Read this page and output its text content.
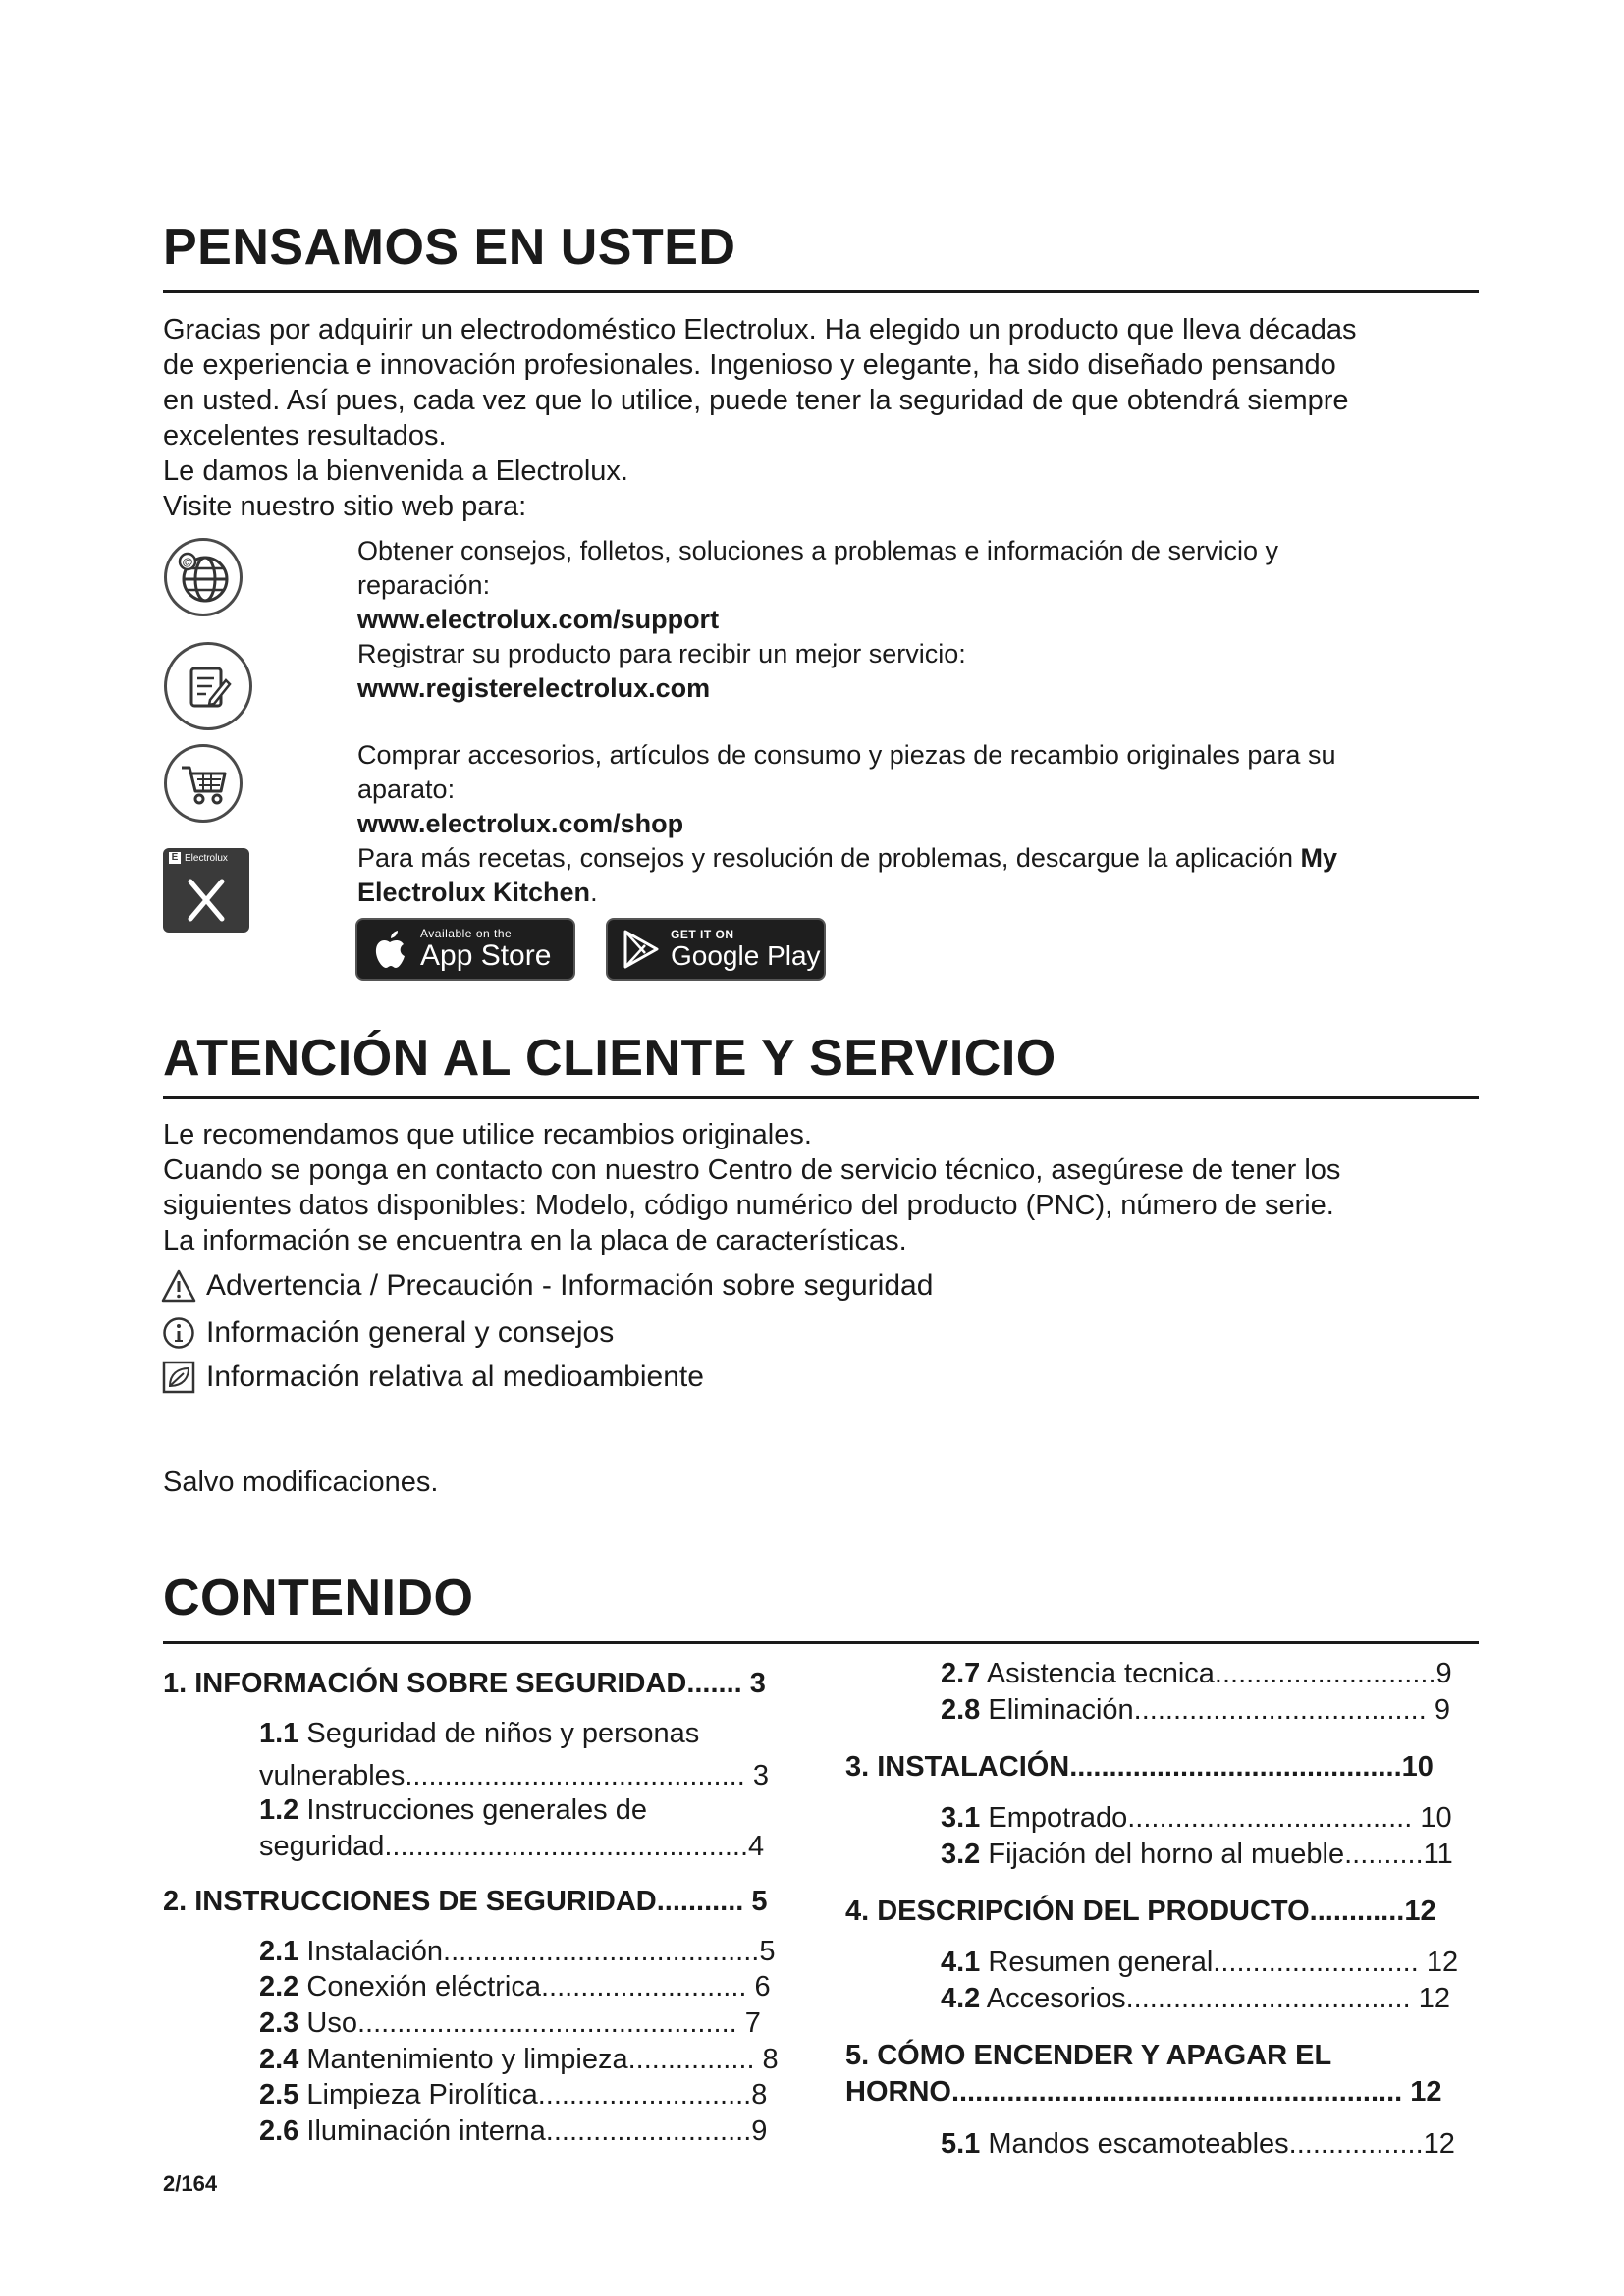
PENSAMOS EN USTED

Gracias por adquirir un electrodoméstico Electrolux. Ha elegido un producto que lleva décadas

de experiencia e innovación profesionales. Ingenioso y elegante, ha sido diseñado pensando

en usted. Así pues, cada vez que lo utilice, puede tener la seguridad de que obtendrá siempre

excelentes resultados.

Le damos la bienvenida a Electrolux.

Visite nuestro sitio web para:

@
E Electrolux

Obtener consejos, folletos, soluciones a problemas e información de servicio y

reparación:

www.electrolux.com/support

Registrar su producto para recibir un mejor servicio:

www.registerelectrolux.com

Comprar accesorios, artículos de consumo y piezas de recambio originales para su

aparato:

www.electrolux.com/shop

Para más recetas, consejos y resolución de problemas, descargue la aplicación My

Electrolux Kitchen.

Available on the
App Store
GET IT ON
Google Play
ATENCIÓN AL CLIENTE Y SERVICIO

Le recomendamos que utilice recambios originales.

Cuando se ponga en contacto con nuestro Centro de servicio técnico, asegúrese de tener los

siguientes datos disponibles: Modelo, código numérico del producto (PNC), número de serie.

La información se encuentra en la placa de características.

Advertencia / Precaución - Información sobre seguridad
Información general y consejos
Información relativa al medioambiente
Salvo modificaciones.
CONTENIDO
1. INFORMACIÓN SOBRE SEGURIDAD....... 3
1.1 Seguridad de niños y personas
vulnerables........................................... 3
1.2 Instrucciones generales de
seguridad..............................................4
2. INSTRUCCIONES DE SEGURIDAD........... 5
2.1 Instalación........................................5
2.2 Conexión eléctrica.......................... 6
2.3 Uso................................................ 7
2.4 Mantenimiento y limpieza................ 8
2.5 Limpieza Pirolítica...........................8
2.6 Iluminación interna..........................9
2.7 Asistencia tecnica............................9
2.8 Eliminación..................................... 9
3. INSTALACIÓN..........................................10
3.1 Empotrado.................................... 10
3.2 Fijación del horno al mueble..........11
4. DESCRIPCIÓN DEL PRODUCTO............12
4.1 Resumen general.......................... 12
4.2 Accesorios.................................... 12
5. CÓMO ENCENDER Y APAGAR EL
HORNO......................................................... 12
5.1 Mandos escamoteables.................12
2/164
